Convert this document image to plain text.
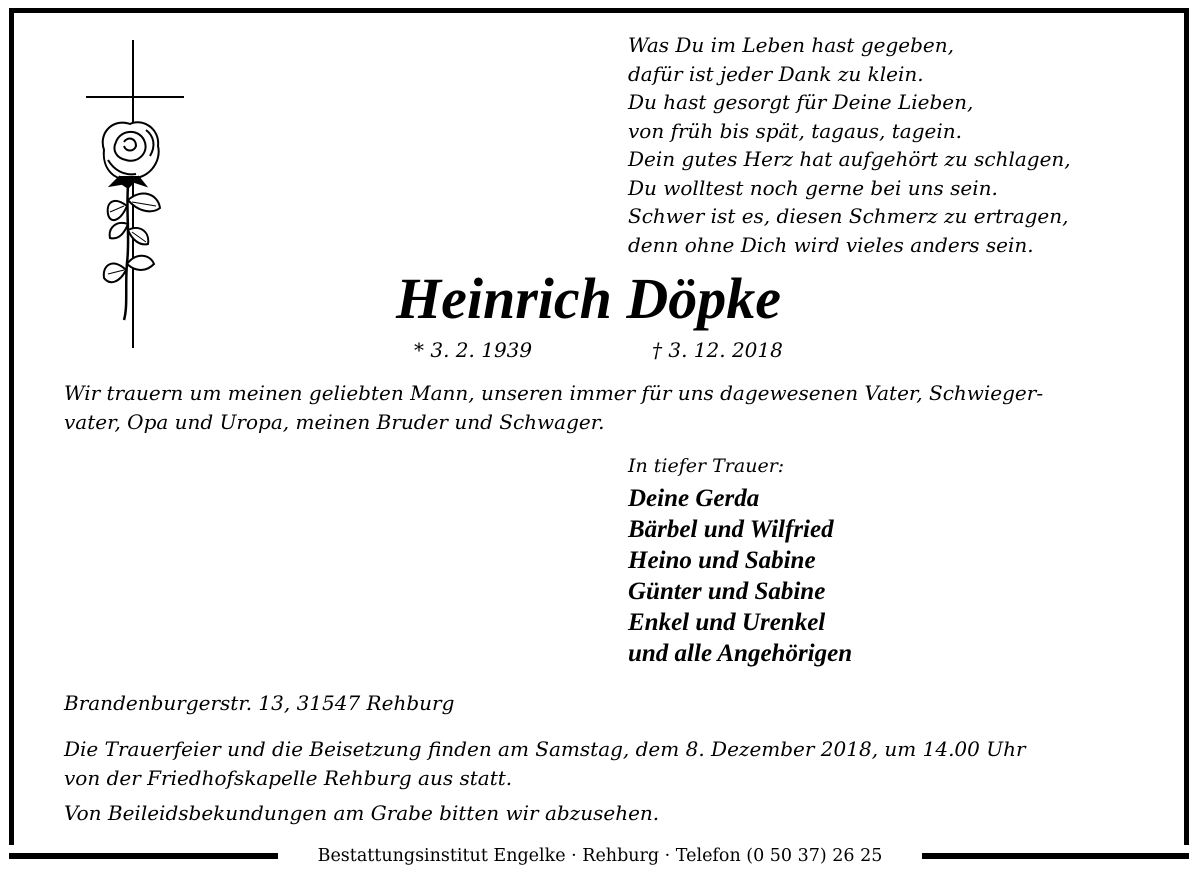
Was Du im Leben hast gegeben,
dafür ist jeder Dank zu klein.
Du hast gesorgt für Deine Lieben,
von früh bis spät, tagaus, tagein.
Dein gutes Herz hat aufgehört zu schlagen,
Du wolltest noch gerne bei uns sein.
Schwer ist es, diesen Schmerz zu ertragen,
denn ohne Dich wird vieles anders sein.
Heinrich Döpke
* 3. 2. 1939	† 3. 12. 2018
Wir trauern um meinen geliebten Mann, unseren immer für uns dagewesenen Vater, Schwieger-
vater, Opa und Uropa, meinen Bruder und Schwager.
In tiefer Trauer:
Deine Gerda
Bärbel und Wilfried
Heino und Sabine
Günter und Sabine
Enkel und Urenkel
und alle Angehörigen
Brandenburgerstr. 13, 31547 Rehburg
Die Trauerfeier und die Beisetzung finden am Samstag, dem 8. Dezember 2018, um 14.00 Uhr
von der Friedhofskapelle Rehburg aus statt.
Von Beileidsbekundungen am Grabe bitten wir abzusehen.
Bestattungsinstitut Engelke · Rehburg · Telefon (0 50 37) 26 25
